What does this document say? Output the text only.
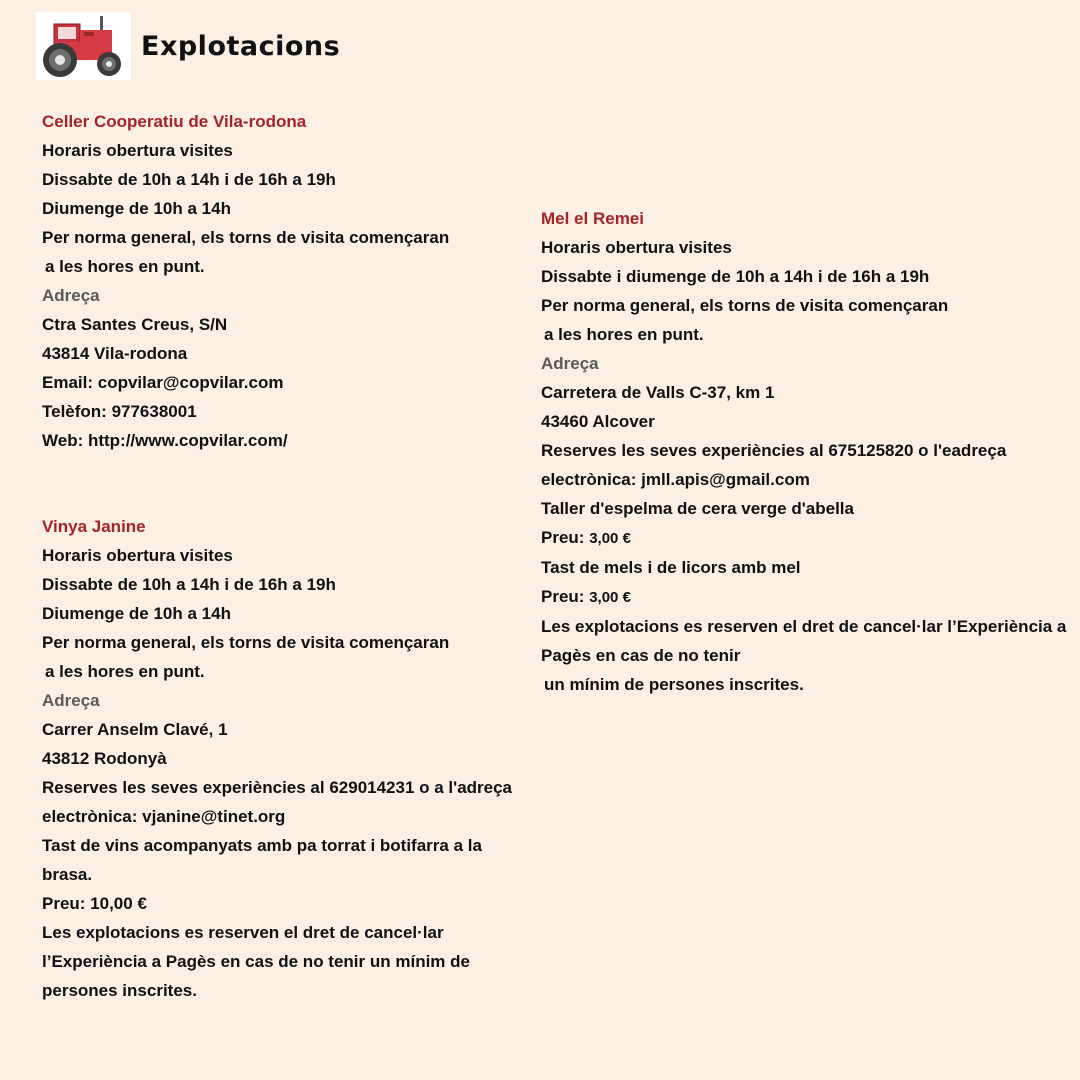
Explotacions
Celler Cooperatiu de Vila-rodona
Horaris obertura visites
Dissabte de 10h a 14h i de 16h a 19h
Diumenge de 10h a 14h
Per norma general, els torns de visita començaran
a les hores en punt.
Adreça
Ctra Santes Creus, S/N
43814 Vila-rodona
Email: copvilar@copvilar.com
Telèfon: 977638001
Web: http://www.copvilar.com/
Mel el Remei
Horaris obertura visites
Dissabte i diumenge de 10h a 14h i de 16h a 19h
Per norma general, els torns de visita començaran
a les hores en punt.
Adreça
Carretera de Valls C-37, km 1
43460 Alcover
Reserves les seves experiències al 675125820 o l'eadreça
electrònica: jmll.apis@gmail.com
Taller d'espelma de cera verge d'abella
Preu: 3,00 €
Tast de mels i de licors amb mel
Preu: 3,00 €
Les explotacions es reserven el dret de cancel·lar l’Experiència a
Pagès en cas de no tenir
un mínim de persones inscrites.
Vinya Janine
Horaris obertura visites
Dissabte de 10h a 14h i de 16h a 19h
Diumenge de 10h a 14h
Per norma general, els torns de visita començaran
a les hores en punt.
Adreça
Carrer Anselm Clavé, 1
43812 Rodonyà
Reserves les seves experiències al 629014231 o a l'adreça
electrònica: vjanine@tinet.org
Tast de vins acompanyats amb pa torrat i botifarra a la
brasa.
Preu: 10,00 €
Les explotacions es reserven el dret de cancel·lar
l’Experiència a Pagès en cas de no tenir un mínim de
persones inscrites.
